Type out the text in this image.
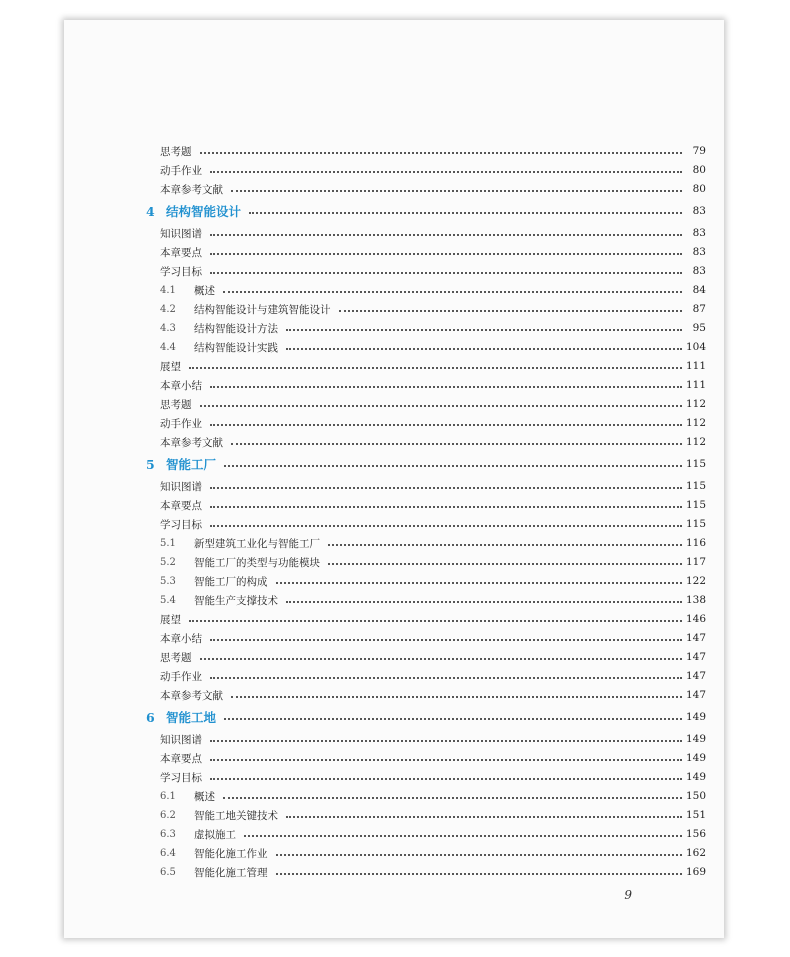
思考题	79
动手作业	80
本章参考文献	80
4 结构智能设计	83
知识图谱	83
本章要点	83
学习目标	83
4.1	概述	84
4.2	结构智能设计与建筑智能设计	87
4.3	结构智能设计方法	95
4.4	结构智能设计实践	104
展望	111
本章小结	111
思考题	112
动手作业	112
本章参考文献	112
5 智能工厂	115
知识图谱	115
本章要点	115
学习目标	115
5.1	新型建筑工业化与智能工厂	116
5.2	智能工厂的类型与功能模块	117
5.3	智能工厂的构成	122
5.4	智能生产支撑技术	138
展望	146
本章小结	147
思考题	147
动手作业	147
本章参考文献	147
6 智能工地	149
知识图谱	149
本章要点	149
学习目标	149
6.1	概述	150
6.2	智能工地关键技术	151
6.3	虚拟施工	156
6.4	智能化施工作业	162
6.5	智能化施工管理	169
9
